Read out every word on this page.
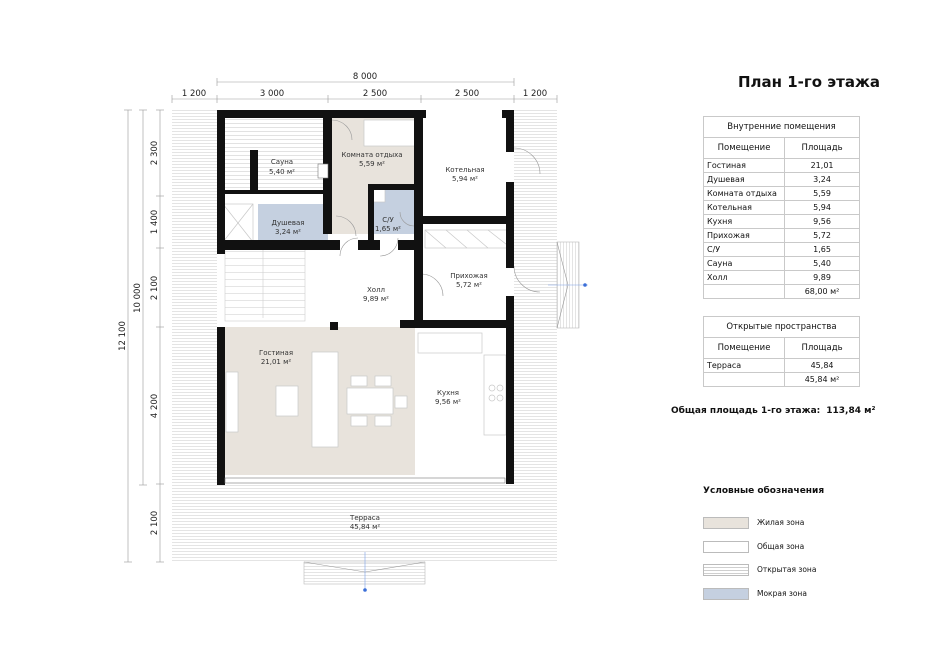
8 000
1 200	3 000	2 500	2 500	1 200
12 100
10 000
2 300
1 400
2 100
4 200
2 100
Сауна
5,40 м²
Комната отдыха
5,59 м²
Котельная
5,94 м²
Душевая
3,24 м²
С/У
1,65 м²
Холл
9,89 м²
Прихожая
5,72 м²
Гостиная
21,01 м²
Кухня
9,56 м²
Терраса
45,84 м²
План 1-го этажа
Внутренние помещения	
Помещение	Площадь
Гостиная	21,01
Душевая	3,24
Комната отдыха	5,59
Котельная	5,94
Кухня	9,56
Прихожая	5,72
С/У	1,65
Сауна	5,40
Холл	9,89
	68,00 м²
Открытые пространства	
Помещение	Площадь
Терраса	45,84
	45,84 м²
Общая площадь 1-го этажа: 113,84 м²
Условные обозначения
Жилая зона
Общая зона
Открытая зона
Мокрая зона
